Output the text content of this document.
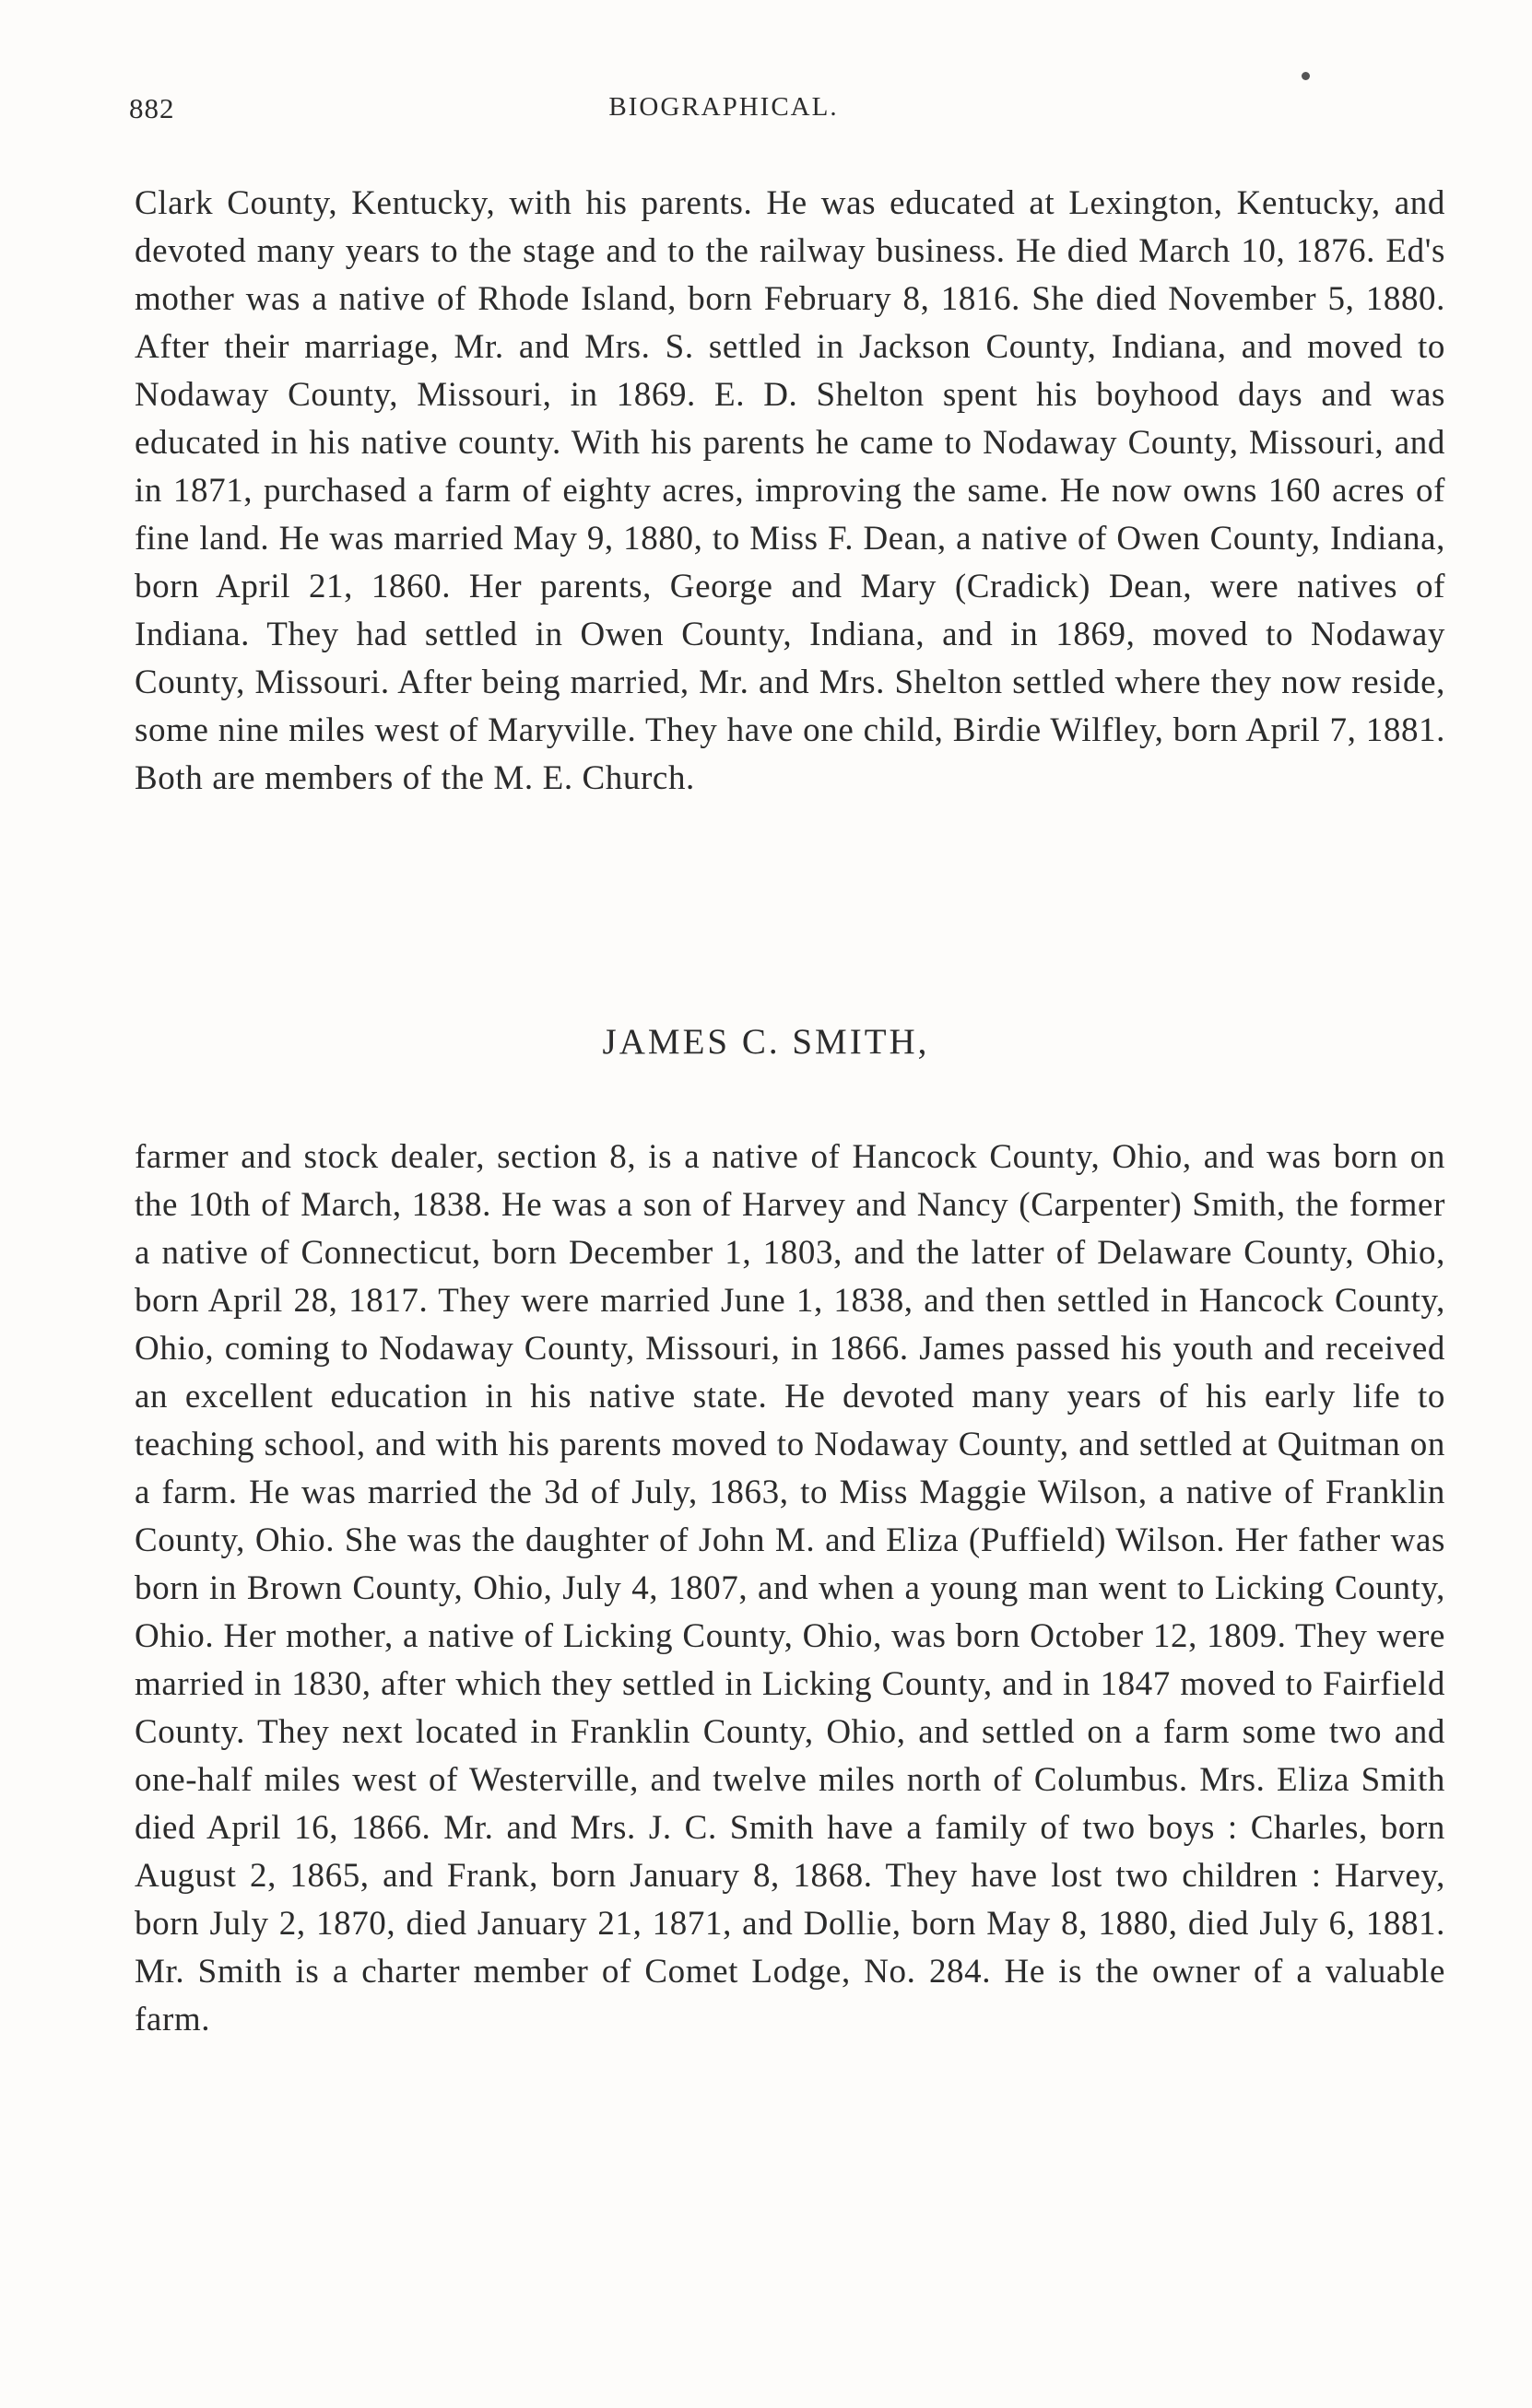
882	BIOGRAPHICAL.

Clark County, Kentucky, with his parents. He was educated at Lexington, Kentucky, and devoted many years to the stage and to the railway business. He died March 10, 1876. Ed's mother was a native of Rhode Island, born February 8, 1816. She died November 5, 1880. After their marriage, Mr. and Mrs. S. settled in Jackson County, Indiana, and moved to Nodaway County, Missouri, in 1869. E. D. Shelton spent his boyhood days and was educated in his native county. With his parents he came to Nodaway County, Missouri, and in 1871, purchased a farm of eighty acres, improving the same. He now owns 160 acres of fine land. He was married May 9, 1880, to Miss F. Dean, a native of Owen County, Indiana, born April 21, 1860. Her parents, George and Mary (Cradick) Dean, were natives of Indiana. They had settled in Owen County, Indiana, and in 1869, moved to Nodaway County, Missouri. After being married, Mr. and Mrs. Shelton settled where they now reside, some nine miles west of Maryville. They have one child, Birdie Wilfley, born April 7, 1881. Both are members of the M. E. Church.

JAMES C. SMITH,

farmer and stock dealer, section 8, is a native of Hancock County, Ohio, and was born on the 10th of March, 1838. He was a son of Harvey and Nancy (Carpenter) Smith, the former a native of Connecticut, born December 1, 1803, and the latter of Delaware County, Ohio, born April 28, 1817. They were married June 1, 1838, and then settled in Hancock County, Ohio, coming to Nodaway County, Missouri, in 1866. James passed his youth and received an excellent education in his native state. He devoted many years of his early life to teaching school, and with his parents moved to Nodaway County, and settled at Quitman on a farm. He was married the 3d of July, 1863, to Miss Maggie Wilson, a native of Franklin County, Ohio. She was the daughter of John M. and Eliza (Puffield) Wilson. Her father was born in Brown County, Ohio, July 4, 1807, and when a young man went to Licking County, Ohio. Her mother, a native of Licking County, Ohio, was born October 12, 1809. They were married in 1830, after which they settled in Licking County, and in 1847 moved to Fairfield County. They next located in Franklin County, Ohio, and settled on a farm some two and one-half miles west of Westerville, and twelve miles north of Columbus. Mrs. Eliza Smith died April 16, 1866. Mr. and Mrs. J. C. Smith have a family of two boys : Charles, born August 2, 1865, and Frank, born January 8, 1868. They have lost two children : Harvey, born July 2, 1870, died January 21, 1871, and Dollie, born May 8, 1880, died July 6, 1881. Mr. Smith is a charter member of Comet Lodge, No. 284. He is the owner of a valuable farm.
